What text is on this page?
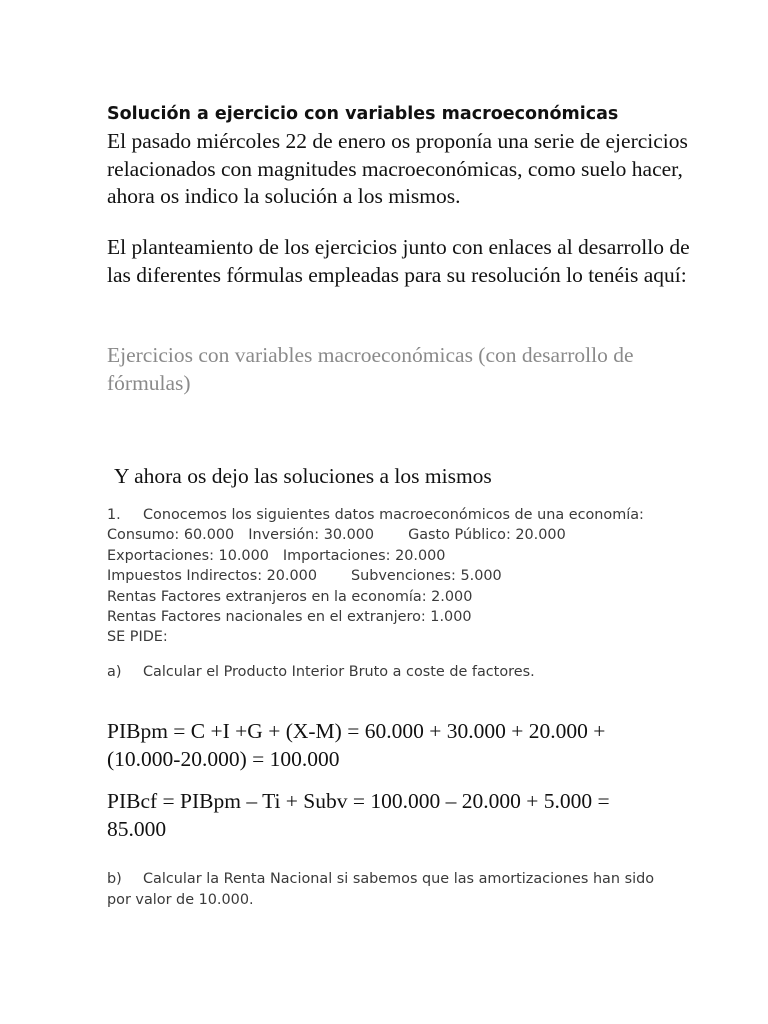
Solución a ejercicio con variables macroeconómicas
El pasado miércoles 22 de enero os proponía una serie de ejercicios relacionados con magnitudes macroeconómicas, como suelo hacer, ahora os indico la solución a los mismos.
El planteamiento de los ejercicios junto con enlaces al desarrollo de las diferentes fórmulas empleadas para su resolución lo tenéis aquí:
Ejercicios con variables macroeconómicas (con desarrollo de fórmulas)
Y ahora os dejo las soluciones a los mismos
1. Conocemos los siguientes datos macroeconómicos de una economía:
Consumo: 60.000 Inversión: 30.000 Gasto Público: 20.000
Exportaciones: 10.000 Importaciones: 20.000
Impuestos Indirectos: 20.000 Subvenciones: 5.000
Rentas Factores extranjeros en la economía: 2.000
Rentas Factores nacionales en el extranjero: 1.000
SE PIDE:
a) Calcular el Producto Interior Bruto a coste de factores.
PIBpm = C +I +G + (X-M) = 60.000 + 30.000 + 20.000 + (10.000-20.000) = 100.000
PIBcf = PIBpm – Ti + Subv = 100.000 – 20.000 + 5.000 = 85.000
b) Calcular la Renta Nacional si sabemos que las amortizaciones han sido por valor de 10.000.
